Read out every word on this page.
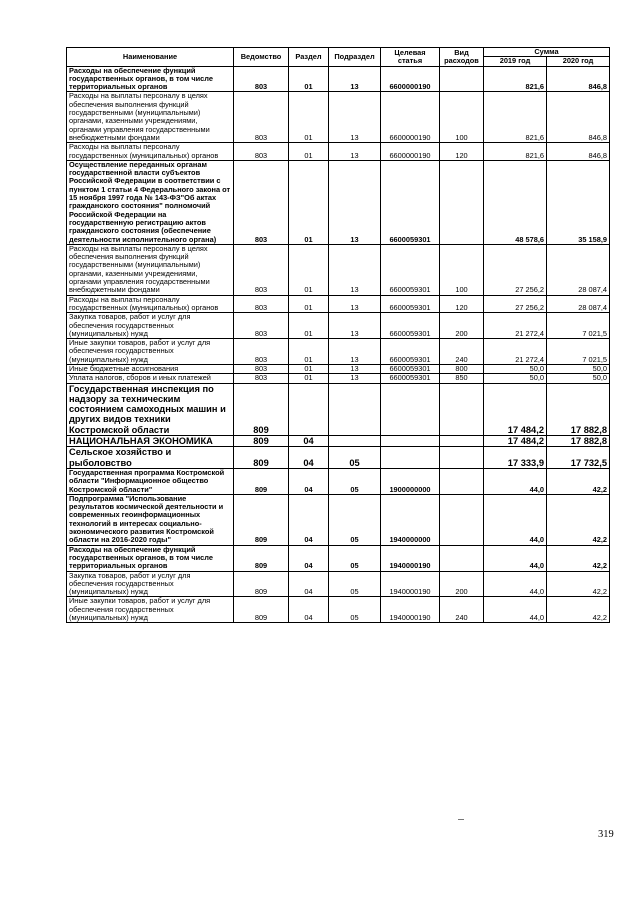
Наименование	Ведомство	Раздел	Подраздел	Целевая статья	Вид расходов	Сумма	
						2019 год	2020 год
Расходы на обеспечение функций государственных органов, в том числе территориальных органов	803	01	13	6600000190		821,6	846,8
Расходы на выплаты персоналу в целях обеспечения выполнения функций государственными (муниципальными) органами, казенными учреждениями, органами управления государственными внебюджетными фондами	803	01	13	6600000190	100	821,6	846,8
Расходы на выплаты персоналу государственных (муниципальных) органов	803	01	13	6600000190	120	821,6	846,8
Осуществление переданных органам государственной власти субъектов Российской Федерации в соответствии с пунктом 1 статьи 4 Федерального закона от 15 ноября 1997 года № 143-ФЗ"Об актах гражданского состояния" полномочий Российской Федерации на государственную регистрацию актов гражданского состояния (обеспечение деятельности исполнительного органа)	803	01	13	6600059301		48 578,6	35 158,9
Расходы на выплаты персоналу в целях обеспечения выполнения функций государственными (муниципальными) органами, казенными учреждениями, органами управления государственными внебюджетными фондами	803	01	13	6600059301	100	27 256,2	28 087,4
Расходы на выплаты персоналу государственных (муниципальных) органов	803	01	13	6600059301	120	27 256,2	28 087,4
Закупка товаров, работ и услуг для обеспечения государственных (муниципальных) нужд	803	01	13	6600059301	200	21 272,4	7 021,5
Иные закупки товаров, работ и услуг для обеспечения государственных (муниципальных) нужд	803	01	13	6600059301	240	21 272,4	7 021,5
Иные бюджетные ассигнования	803	01	13	6600059301	800	50,0	50,0
Уплата налогов, сборов и иных платежей	803	01	13	6600059301	850	50,0	50,0
Государственная инспекция по надзору за техническим состоянием самоходных машин и других видов техники Костромской области	809					17 484,2	17 882,8
НАЦИОНАЛЬНАЯ ЭКОНОМИКА	809	04				17 484,2	17 882,8
Сельское хозяйство и рыболовство	809	04	05			17 333,9	17 732,5
Государственная программа Костромской области "Информационное общество Костромской области"	809	04	05	1900000000		44,0	42,2
Подпрограмма "Использование результатов космической деятельности и современных геоинформационных технологий в интересах социально-экономического развития Костромской области на 2016-2020 годы"	809	04	05	1940000000		44,0	42,2
Расходы на обеспечение функций государственных органов, в том числе территориальных органов	809	04	05	1940000190		44,0	42,2
Закупка товаров, работ и услуг для обеспечения государственных (муниципальных) нужд	809	04	05	1940000190	200	44,0	42,2
Иные закупки товаров, работ и услуг для обеспечения государственных (муниципальных) нужд	809	04	05	1940000190	240	44,0	42,2
319
